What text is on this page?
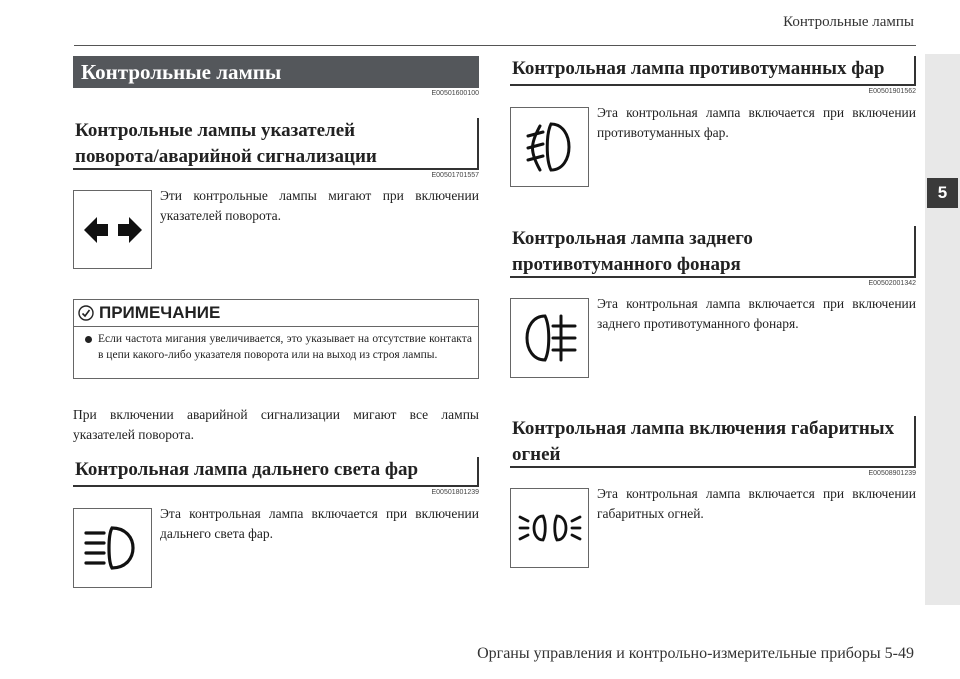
Контрольные лампы
5
Контрольные лампы
E00501600100
Контрольные лампы указателей
поворота/аварийной сигнализации
E00501701557
Эти контрольные лампы мигают при включении указателей поворота.
ПРИМЕЧАНИЕ
Если частота мигания увеличивается, это указывает на отсутствие контакта в цепи какого-либо указателя поворота или на выход из строя лампы.
При включении аварийной сигнализации мигают все лампы указателей поворота.
Контрольная лампа дальнего света фар
E00501801239
Эта контрольная лампа включается при включении дальнего света фар.
Контрольная лампа противотуманных фар
E00501901562
Эта контрольная лампа включается при включении противотуманных фар.
Контрольная лампа заднего
противотуманного фонаря
E00502001342
Эта контрольная лампа включается при включении заднего противотуманного фонаря.
Контрольная лампа включения габаритных
огней
E00508901239
Эта контрольная лампа включается при включении габаритных огней.
Органы управления и контрольно-измерительные приборы 5-49
